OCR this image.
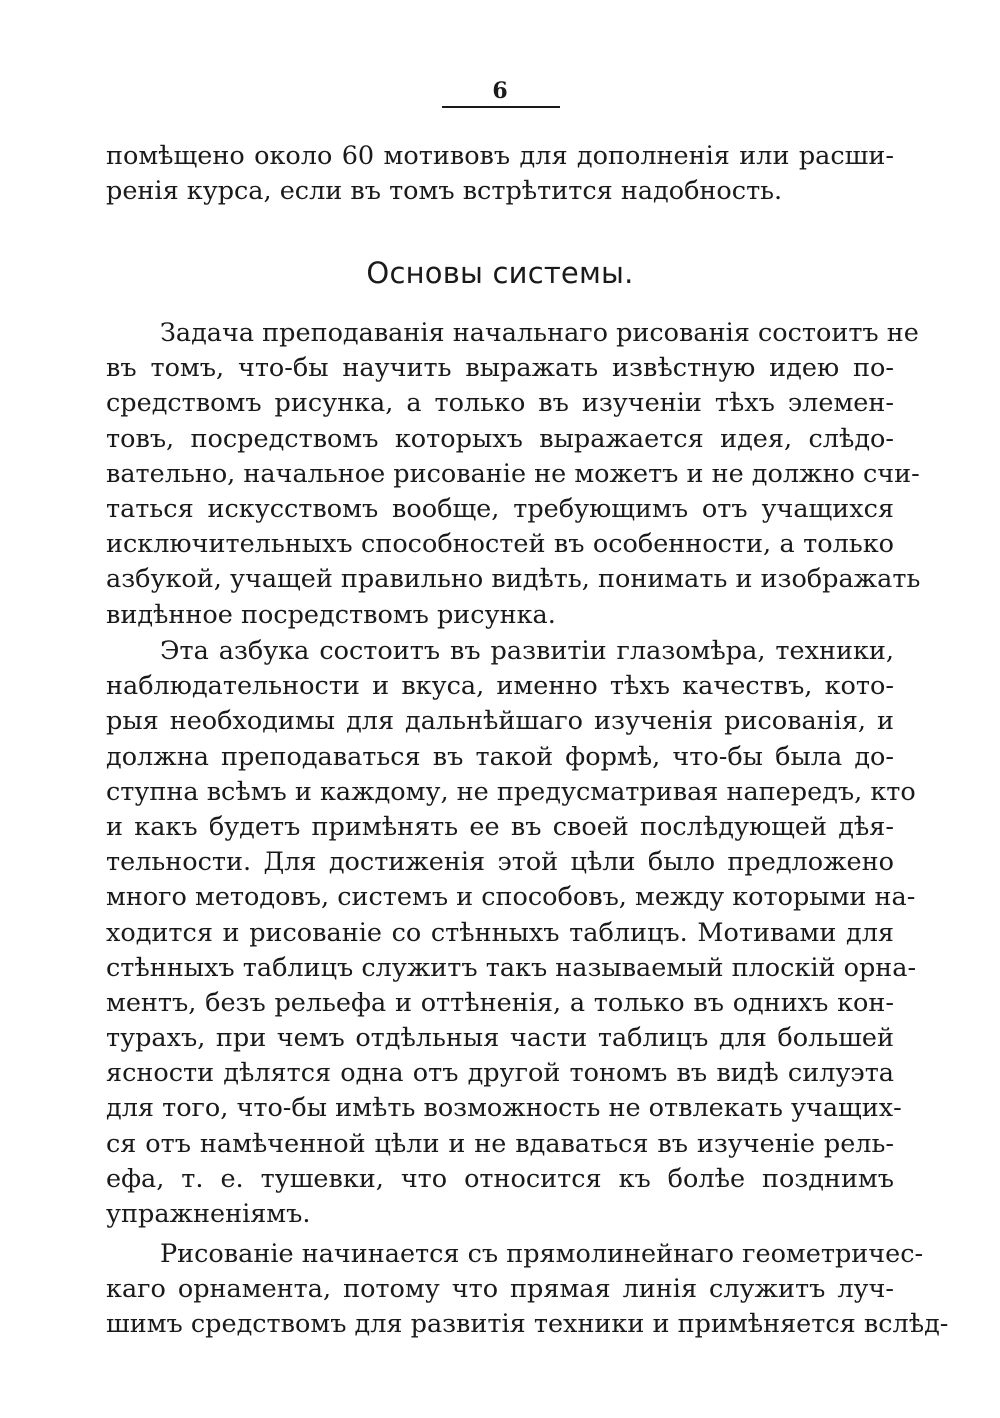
6
помѣщено около 60 мотивовъ для дополненія или расши-
ренія курса, если въ томъ встрѣтится надобность.
Основы системы.
Задача преподаванія начальнаго рисованія состоитъ не
въ томъ, что-бы научить выражать извѣстную идею по-
средствомъ рисунка, а только въ изученіи тѣхъ элемен-
товъ, посредствомъ которыхъ выражается идея, слѣдо-
вательно, начальное рисованіе не можетъ и не должно счи-
таться искусствомъ вообще, требующимъ отъ учащихся
исключительныхъ способностей въ особенности, а только
азбукой, учащей правильно видѣть, понимать и изображать
видѣнное посредствомъ рисунка.
Эта азбука состоитъ въ развитіи глазомѣра, техники,
наблюдательности и вкуса, именно тѣхъ качествъ, кото-
рыя необходимы для дальнѣйшаго изученія рисованія, и
должна преподаваться въ такой формѣ, что-бы была до-
ступна всѣмъ и каждому, не предусматривая напередъ, кто
и какъ будетъ примѣнять ее въ своей послѣдующей дѣя-
тельности. Для достиженія этой цѣли было предложено
много методовъ, системъ и способовъ, между которыми на-
ходится и рисованіе со стѣнныхъ таблицъ. Мотивами для
стѣнныхъ таблицъ служитъ такъ называемый плоскій орна-
ментъ, безъ рельефа и оттѣненія, а только въ однихъ кон-
турахъ, при чемъ отдѣльныя части таблицъ для большей
ясности дѣлятся одна отъ другой тономъ въ видѣ силуэта
для того, что-бы имѣть возможность не отвлекать учащих-
ся отъ намѣченной цѣли и не вдаваться въ изученіе рель-
ефа, т. е. тушевки, что относится къ болѣе позднимъ
упражненіямъ.
Рисованіе начинается съ прямолинейнаго геометричес-
каго орнамента, потому что прямая линія служитъ луч-
шимъ средствомъ для развитія техники и примѣняется вслѣд-
